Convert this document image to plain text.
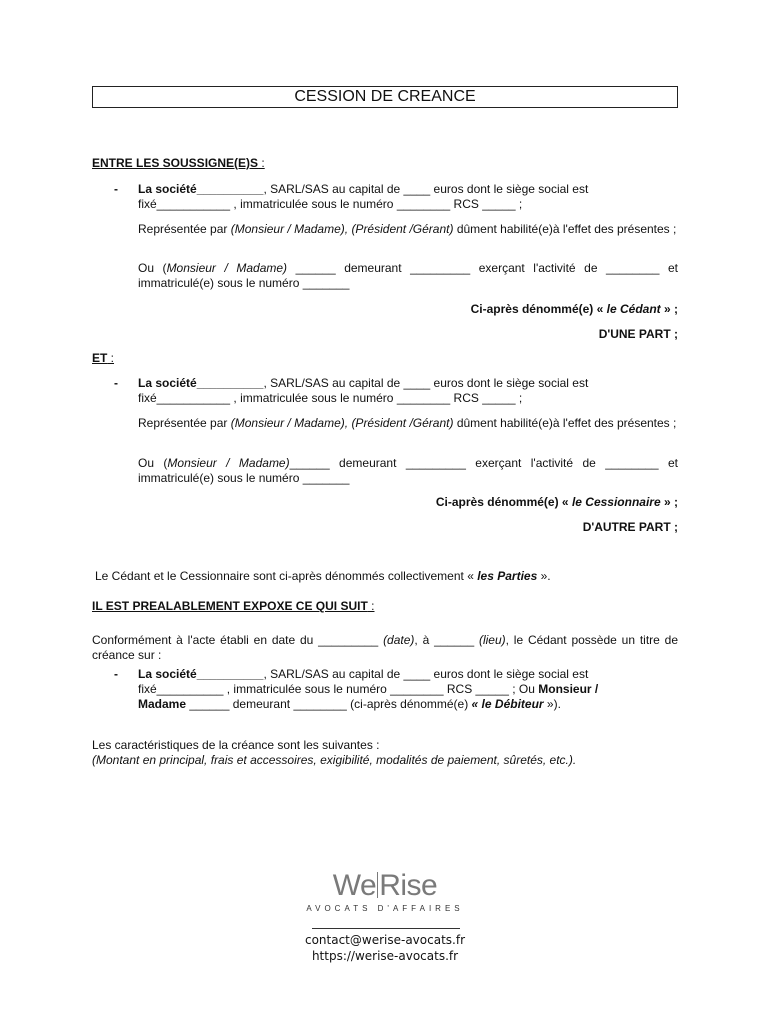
CESSION DE CREANCE
ENTRE LES SOUSSIGNE(E)S :
- La société__________, SARL/SAS au capital de ____ euros dont le siège social est
fixé___________ , immatriculée sous le numéro ________ RCS _____ ;
Représentée par (Monsieur / Madame), (Président /Gérant) dûment habilité(e)à l'effet des présentes ;
Ou (Monsieur / Madame) ______ demeurant _________ exerçant l'activité de ________ et immatriculé(e) sous le numéro _______
Ci-après dénommé(e) « le Cédant » ;
D'UNE PART ;
ET :
- La société__________, SARL/SAS au capital de ____ euros dont le siège social est
fixé___________ , immatriculée sous le numéro ________ RCS _____ ;
Représentée par (Monsieur / Madame), (Président /Gérant) dûment habilité(e)à l'effet des présentes ;
Ou (Monsieur / Madame)______ demeurant _________ exerçant l'activité de ________ et immatriculé(e) sous le numéro _______
Ci-après dénommé(e) « le Cessionnaire » ;
D'AUTRE PART ;
Le Cédant et le Cessionnaire sont ci-après dénommés collectivement « les Parties ».
IL EST PREALABLEMENT EXPOXE CE QUI SUIT :
Conformément à l'acte établi en date du _________ (date), à ______ (lieu), le Cédant possède un titre de créance sur :
- La société__________, SARL/SAS au capital de ____ euros dont le siège social est
fixé__________ , immatriculée sous le numéro ________ RCS _____ ; Ou Monsieur /
Madame ______ demeurant ________ (ci-après dénommé(e) « le Débiteur »).
Les caractéristiques de la créance sont les suivantes :
(Montant en principal, frais et accessoires, exigibilité, modalités de paiement, sûretés, etc.).
We Rise
AVOCATS D'AFFAIRES
contact@werise-avocats.fr
https://werise-avocats.fr
